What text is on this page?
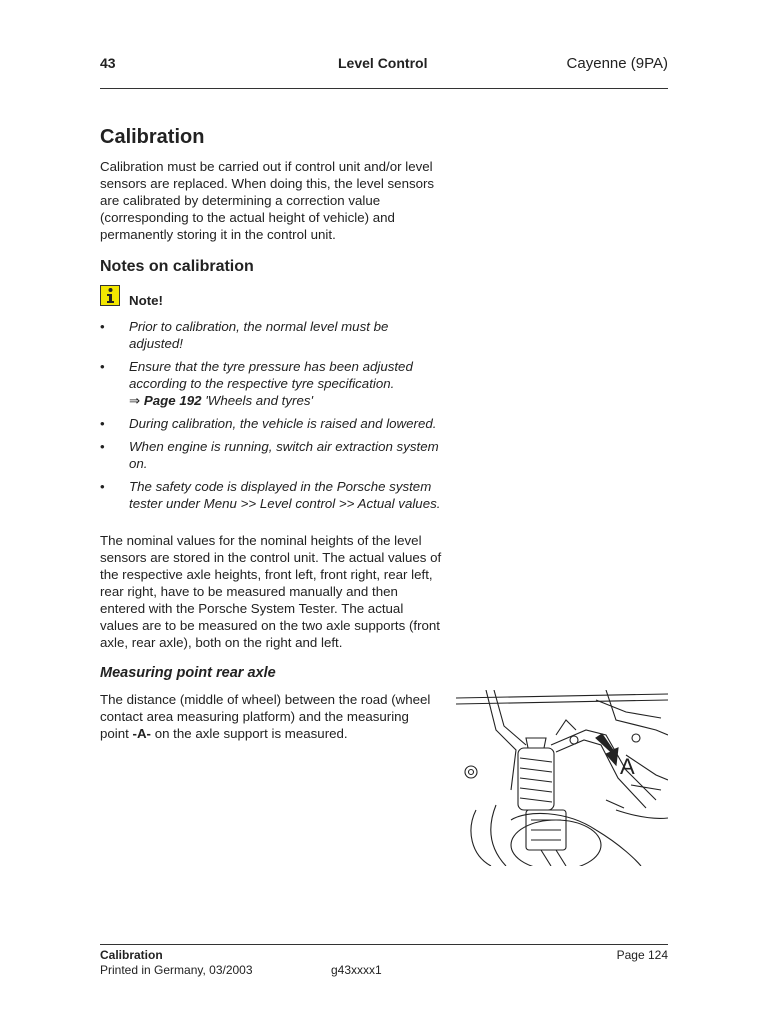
43	Level Control	Cayenne (9PA)
Calibration

Calibration must be carried out if control unit and/or level sensors are replaced. When doing this, the level sensors are calibrated by determining a correction value (corresponding to the actual height of vehicle) and permanently storing it in the control unit.

Notes on calibration
Note!
• Prior to calibration, the normal level must be adjusted!
• Ensure that the tyre pressure has been adjusted according to the respective tyre specification.
⇒ Page 192 'Wheels and tyres'
• During calibration, the vehicle is raised and lowered.
• When engine is running, switch air extraction system on.
• The safety code is displayed in the Porsche system tester under Menu >> Level control >> Actual values.

The nominal values for the nominal heights of the level sensors are stored in the control unit. The actual values of the respective axle heights, front left, front right, rear left, rear right, have to be measured manually and then entered with the Porsche System Tester. The actual values are to be measured on the two axle supports (front axle, rear axle), both on the right and left.

Measuring point rear axle

The distance (middle of wheel) between the road (wheel contact area measuring platform) and the measuring point -A- on the axle support is measured.

A
Calibration
Printed in Germany, 03/2003	g43xxxx1
Page 124
